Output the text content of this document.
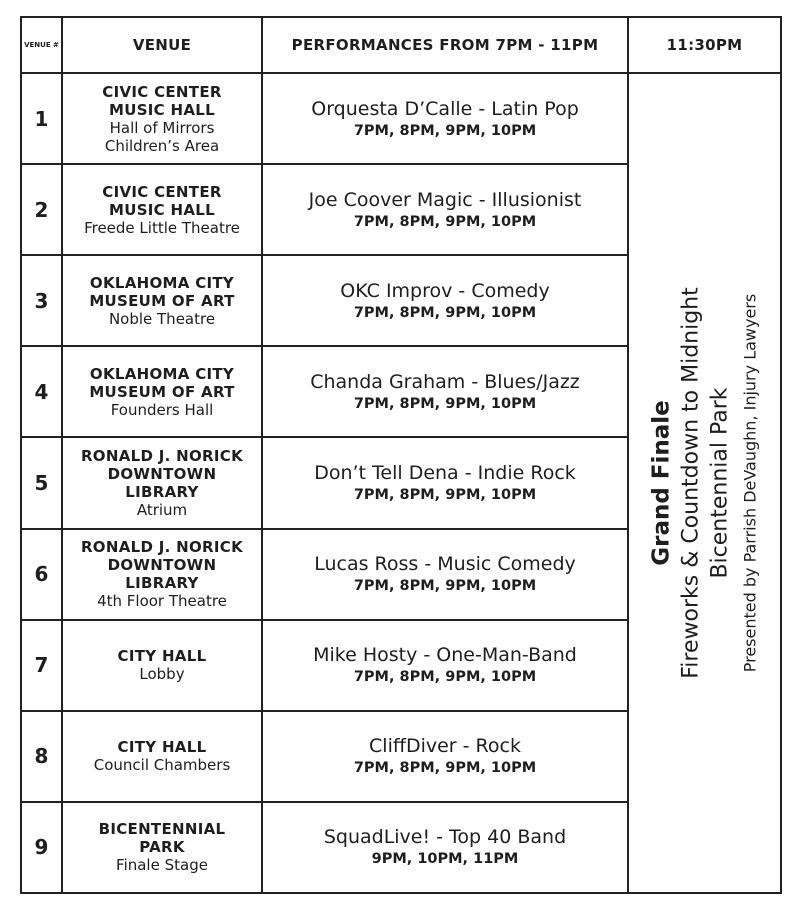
VENUE #	VENUE	PERFORMANCES FROM 7PM - 11PM	11:30PM
1	CIVIC CENTER
MUSIC HALL
Hall of Mirrors
Children’s Area	Orquesta D’Calle - Latin Pop
7PM, 8PM, 9PM, 10PM	Grand Finale Fireworks & Countdown to Midnight Bicentennial Park Presented by Parrish DeVaughn, Injury Lawyers

2	CIVIC CENTER
MUSIC HALL
Freede Little Theatre	Joe Coover Magic - Illusionist
7PM, 8PM, 9PM, 10PM	

3	OKLAHOMA CITY
MUSEUM OF ART
Noble Theatre	OKC Improv - Comedy
7PM, 8PM, 9PM, 10PM	

4	OKLAHOMA CITY
MUSEUM OF ART
Founders Hall	Chanda Graham - Blues/Jazz
7PM, 8PM, 9PM, 10PM	

5	RONALD J. NORICK
DOWNTOWN
LIBRARY
Atrium	Don’t Tell Dena - Indie Rock
7PM, 8PM, 9PM, 10PM	

6	RONALD J. NORICK
DOWNTOWN
LIBRARY
4th Floor Theatre	Lucas Ross - Music Comedy
7PM, 8PM, 9PM, 10PM	

7	CITY HALL
Lobby	Mike Hosty - One-Man-Band
7PM, 8PM, 9PM, 10PM	

8	CITY HALL
Council Chambers	CliffDiver - Rock
7PM, 8PM, 9PM, 10PM	

9	BICENTENNIAL
PARK
Finale Stage	SquadLive! - Top 40 Band
9PM, 10PM, 11PM	
